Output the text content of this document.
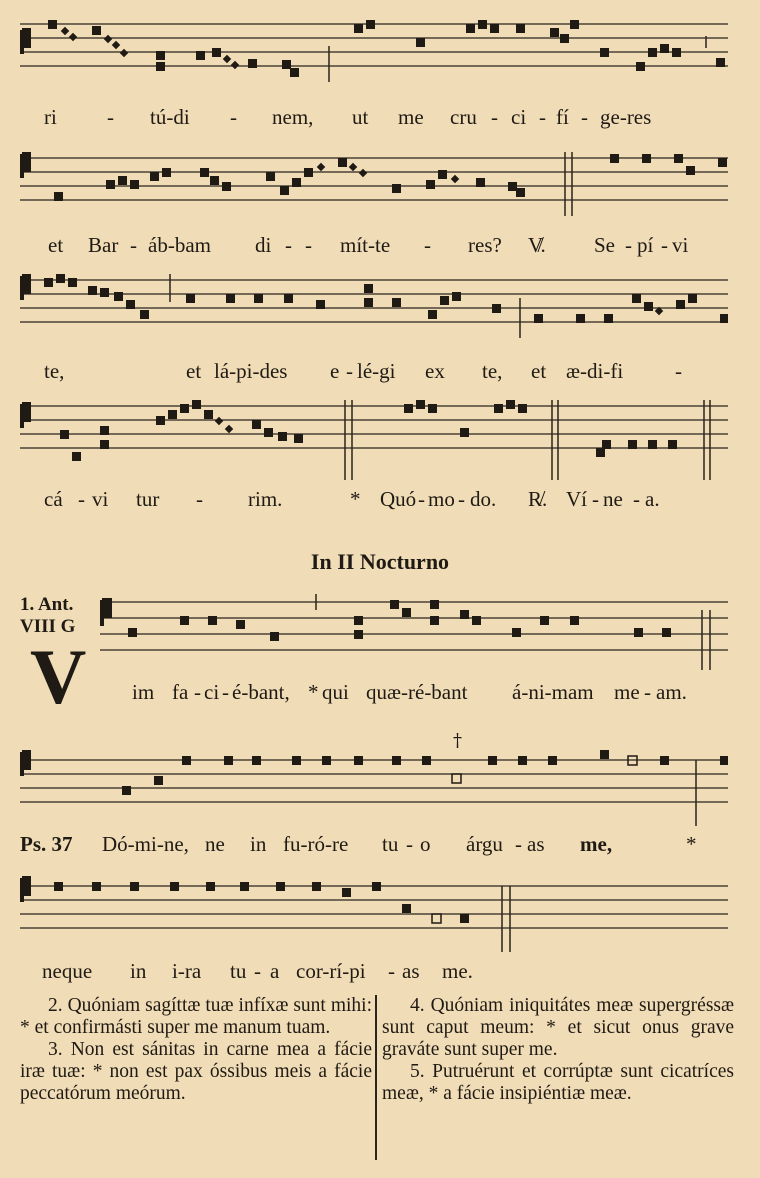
ri - tú-di - nem, ut me cru - ci - fí - ge-res
et Bar - áb-bam di - - mít-te - res? V̸. Se - pí - vi
te,	et lá-pi-des e - lé-gi ex te, et æ-di-fi -
cá - vi tur - rim.	* Quó - mo - do. R̸. Ví - ne - a.
In II Nocturno
1. Ant.
VIII G
V im fa - ci - é-bant, * qui quæ-ré-bant á-ni-mam me - am.
†
Ps. 37 Dó-mi-ne, ne in fu-ró-re tu - o árgu - as me,	*
neque in i-ra tu - a cor-rí-pi - as me.

2. Quóniam sagíttæ tuæ infíxæ sunt mihi: * et confirmásti super me manum tuam.

3. Non est sánitas in carne mea a fácie iræ tuæ: * non est pax óssibus meis a fácie peccatórum meórum.

4. Quóniam iniquitátes meæ supergréssæ sunt caput meum: * et sicut onus grave graváte sunt super me.

5. Putruérunt et corrúptæ sunt cicatríces meæ, * a fácie insipiéntiæ meæ.
